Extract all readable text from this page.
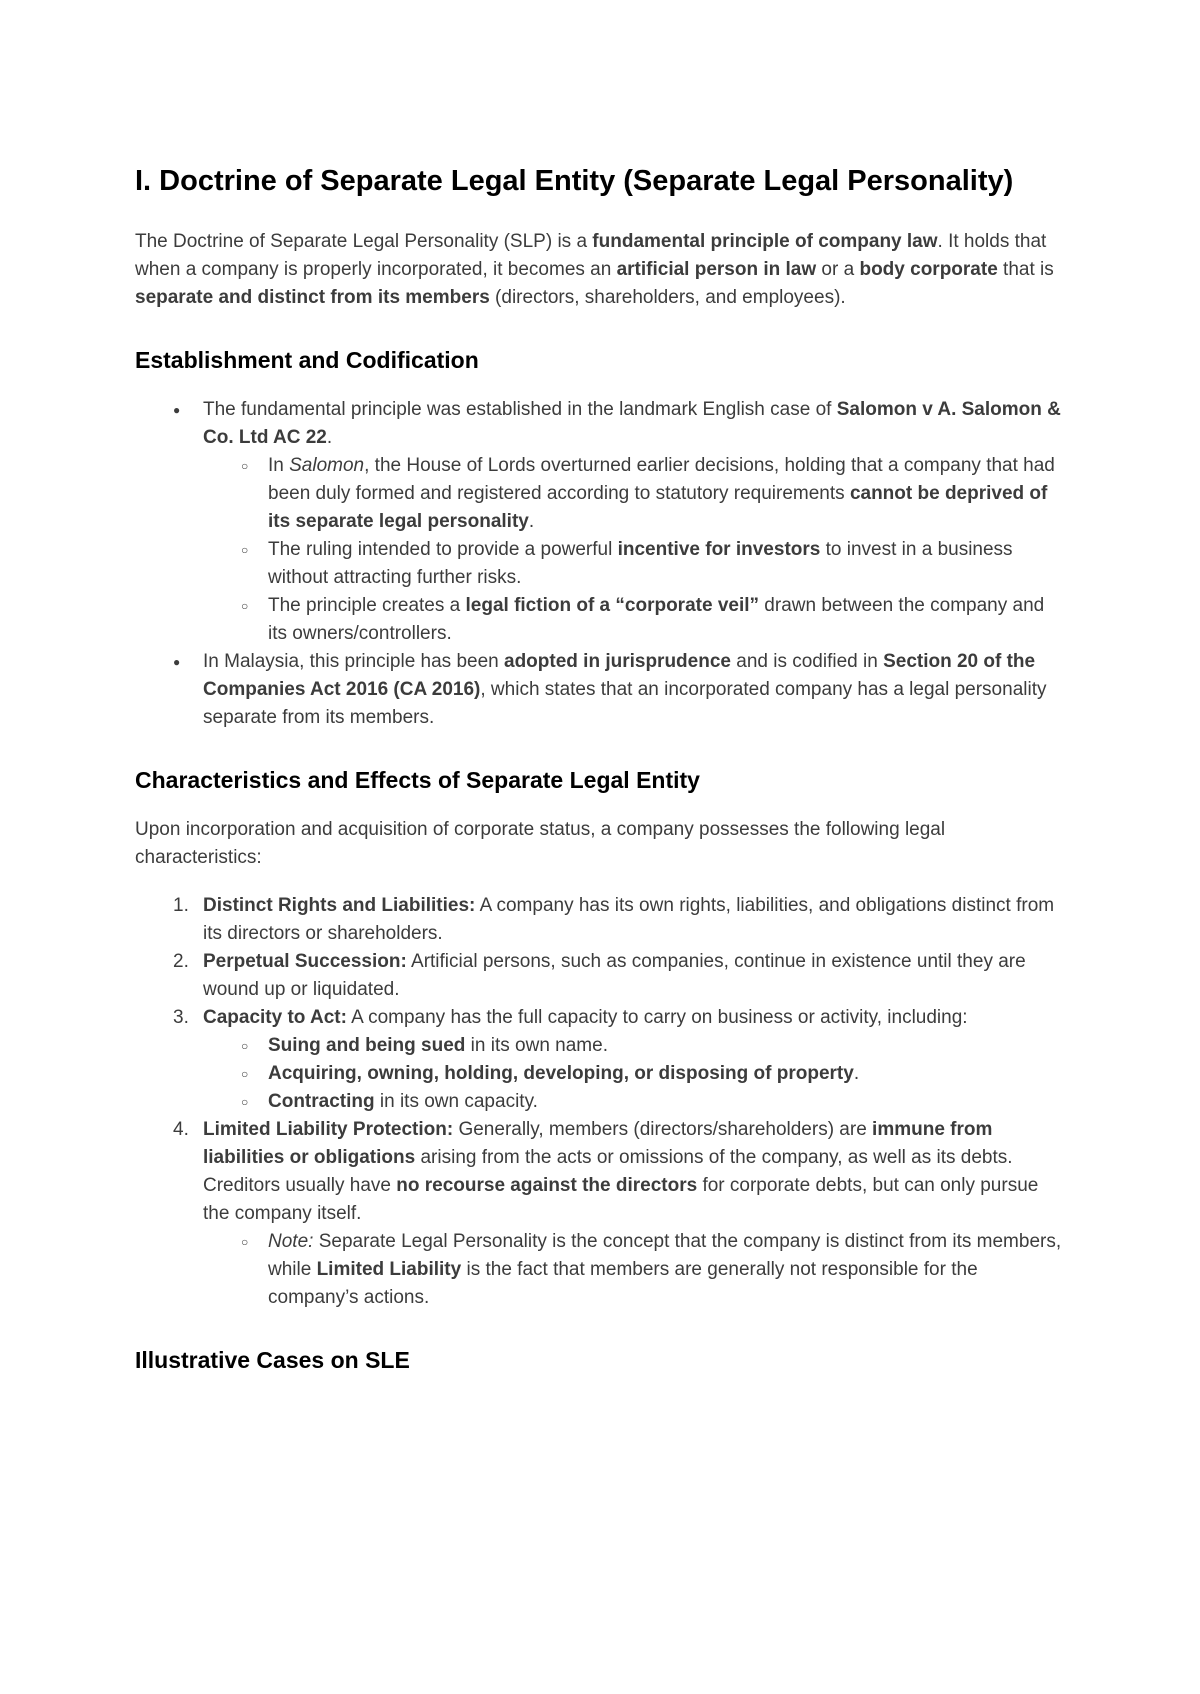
I. Doctrine of Separate Legal Entity (Separate Legal Personality)

The Doctrine of Separate Legal Personality (SLP) is a fundamental principle of company law. It holds that when a company is properly incorporated, it becomes an artificial person in law or a body corporate that is separate and distinct from its members (directors, shareholders, and employees).

Establishment and Codification
● The fundamental principle was established in the landmark English case of Salomon v A. Salomon & Co. Ltd AC 22.
○ In Salomon, the House of Lords overturned earlier decisions, holding that a company that had been duly formed and registered according to statutory requirements cannot be deprived of its separate legal personality.
○ The ruling intended to provide a powerful incentive for investors to invest in a business without attracting further risks.
○ The principle creates a legal fiction of a “corporate veil” drawn between the company and its owners/controllers.
● In Malaysia, this principle has been adopted in jurisprudence and is codified in Section 20 of the Companies Act 2016 (CA 2016), which states that an incorporated company has a legal personality separate from its members.
Characteristics and Effects of Separate Legal Entity

Upon incorporation and acquisition of corporate status, a company possesses the following legal characteristics:

Distinct Rights and Liabilities: A company has its own rights, liabilities, and obligations distinct from its directors or shareholders.
Perpetual Succession: Artificial persons, such as companies, continue in existence until they are wound up or liquidated.
Capacity to Act: A company has the full capacity to carry on business or activity, including:
○ Suing and being sued in its own name.
○ Acquiring, owning, holding, developing, or disposing of property.
○ Contracting in its own capacity.
Limited Liability Protection: Generally, members (directors/shareholders) are immune from liabilities or obligations arising from the acts or omissions of the company, as well as its debts. Creditors usually have no recourse against the directors for corporate debts, but can only pursue the company itself.
○ Note: Separate Legal Personality is the concept that the company is distinct from its members, while Limited Liability is the fact that members are generally not responsible for the company’s actions.
Illustrative Cases on SLE
